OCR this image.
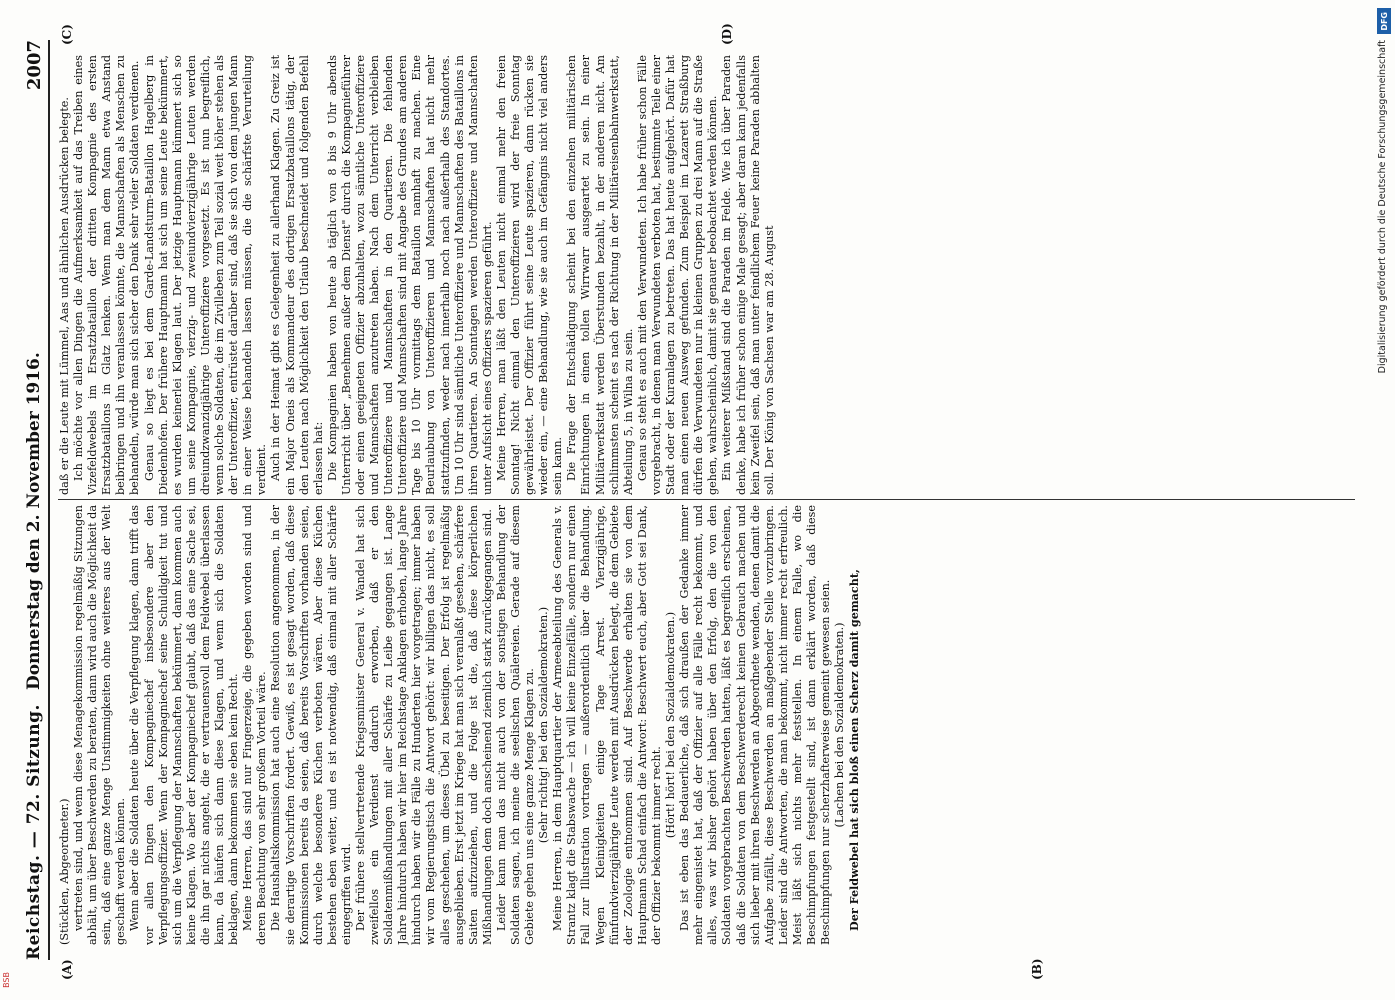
Reichstag. — 72. Sitzung.
Donnerstag den 2. November 1916.
2007
(A)	(B)
(C)	(D)

(Stücklen, Abgeordneter.) vertreten sind, und wenn diese Menagekommission regelmäßig Sitzungen abhält, um über Beschwerden zu beraten, dann wird auch die Möglichkeit da sein, daß eine ganze Menge Unstimmigkeiten ohne weiteres aus der Welt geschafft werden können. Wenn aber die Soldaten heute über die Verpflegung klagen, dann trifft das vor allen Dingen den Kompagniechef insbesondere aber den Verpflegungsoffizier. Wenn der Kompagniechef seine Schuldigkeit tut und sich um die Verpflegung der Mannschaften bekümmert, dann kommen auch keine Klagen. Wo aber der Kompagniechef glaubt, daß das eine Sache sei, die ihn gar nichts angeht, die er vertrauensvoll dem Feldwebel überlassen kann, da häufen sich dann diese Klagen, und wenn sich die Soldaten beklagen, dann bekommen sie eben kein Recht. Meine Herren, das sind nur Fingerzeige, die gegeben worden sind und deren Beachtung von sehr großem Vorteil wäre. Die Haushaltskommission hat auch eine Resolution angenommen, in der sie derartige Vorschriften fordert. Gewiß, es ist gesagt worden, daß diese Kommissionen bereits da seien, daß bereits Vorschriften vorhanden seien, durch welche besondere Küchen verboten wären. Aber diese Küchen bestehen eben weiter, und es ist notwendig, daß einmal mit aller Schärfe eingegriffen wird. Der frühere stellvertretende Kriegsminister General v. Wandel hat sich zweifellos ein Verdienst dadurch erworben, daß er den Soldatenmißhandlungen mit aller Schärfe zu Leibe gegangen ist. Lange Jahre hindurch haben wir hier im Reichstage Anklagen erhoben, lange Jahre hindurch haben wir die Fälle zu Hunderten hier vorgetragen; immer haben wir vom Regierungstisch die Antwort gehört: wir billigen das nicht, es soll alles geschehen, um dieses Übel zu beseitigen. Der Erfolg ist regelmäßig ausgeblieben. Erst jetzt im Kriege hat man sich veranlaßt gesehen, schärfere Saiten aufzuziehen, und die Folge ist die, daß diese körperlichen Mißhandlungen dem doch anscheinend ziemlich stark zurückgegangen sind. Leider kann man das nicht auch von der sonstigen Behandlung der Soldaten sagen, ich meine die seelischen Quälereien. Gerade auf diesem Gebiete gehen uns eine ganze Menge Klagen zu. (Sehr richtig! bei den Sozialdemokraten.) Meine Herren, in dem Hauptquartier der Armeeabteilung des Generals v. Strantz klagt die Stabswache — ich will keine Einzelfälle, sondern nur einen Fall zur Illustration vortragen — außerordentlich über die Behandlung. Wegen Kleinigkeiten einige Tage Arrest. Vierzigjährige, fünfundvierzigjährige Leute werden mit Ausdrücken belegt, die dem Gebiete der Zoologie entnommen sind. Auf Beschwerde erhalten sie von dem Hauptmann Schad einfach die Antwort: Beschwert euch, aber Gott sei Dank, der Offizier bekommt immer recht.

(Hört! hört! bei den Sozialdemokraten.) Das ist eben das Bedauerliche, daß sich draußen der Gedanke immer mehr eingenistet hat, daß der Offizier auf alle Fälle recht bekommt, und alles, was wir bisher gehört haben über den Erfolg, den die von den Soldaten vorgebrachten Beschwerden hatten, läßt es begreiflich erscheinen, daß die Soldaten von dem Beschwerderecht keinen Gebrauch machen und sich lieber mit ihren Beschwerden an Abgeordnete wenden, denen damit die Aufgabe zufällt, diese Beschwerden an maßgebender Stelle vorzubringen. Leider sind die Antworten, die man bekommt, nicht immer recht erfreulich. Meist läßt sich nichts mehr feststellen. In einem Falle, wo die Beschimpfungen festgestellt sind, ist dann erklärt worden, daß diese Beschimpfungen nur scherzhafterweise gemeint gewesen seien. (Lachen bei den Sozialdemokraten.) Der Feldwebel hat sich bloß einen Scherz damit gemacht,

daß er die Leute mit Lümmel, Aas und ähnlichen Ausdrücken belegte. Ich möchte vor allen Dingen die Aufmerksamkeit auf das Treiben eines Vizefeldwebels im Ersatzbataillon der dritten Kompagnie des ersten Ersatzbataillons in Glatz lenken. Wenn man dem Mann etwa Anstand beibringen und ihn veranlassen könnte, die Mannschaften als Menschen zu behandeln, würde man sich sicher den Dank sehr vieler Soldaten verdienen. Genau so liegt es bei dem Garde-Landsturm-Bataillon Hagelberg in Diedenhofen. Der frühere Hauptmann hat sich um seine Leute bekümmert, es wurden keinerlei Klagen laut. Der jetzige Hauptmann kümmert sich so um seine Kompagnie, vierzig- und zweiundvierzigjährige Leuten werden dreiundzwanzigjährige Unteroffiziere vorgesetzt. Es ist nun begreiflich, wenn solche Soldaten, die im Zivilleben zum Teil sozial weit höher stehen als der Unteroffizier, entrüstet darüber sind, daß sie sich von dem jungen Mann in einer Weise behandeln lassen müssen, die die schärfste Verurteilung verdient. Auch in der Heimat gibt es Gelegenheit zu allerhand Klagen. Zu Greiz ist ein Major Oneis als Kommandeur des dortigen Ersatzbataillons tätig, der den Leuten nach Möglichkeit den Urlaub beschneidet und folgenden Befehl erlassen hat: Die Kompagnien haben von heute ab täglich von 8 bis 9 Uhr abends Unterricht über „Benehmen außer dem Dienst" durch die Kompagnieführer oder einen geeigneten Offizier abzuhalten, wozu sämtliche Unteroffiziere und Mannschaften anzutreten haben. Nach dem Unterricht verbleiben Unteroffiziere und Mannschaften in den Quartieren. Die fehlenden Unteroffiziere und Mannschaften sind mit Angabe des Grundes am anderen Tage bis 10 Uhr vormittags dem Bataillon namhaft zu machen. Eine Beurlaubung von Unteroffizieren und Mannschaften hat nicht mehr stattzufinden, weder nach innerhalb noch nach außerhalb des Standortes. Um 10 Uhr sind sämtliche Unteroffiziere und Mannschaften des Bataillons in ihren Quartieren. An Sonntagen werden Unteroffiziere und Mannschaften unter Aufsicht eines Offiziers spazieren geführt. Meine Herren, man läßt den Leuten nicht einmal mehr den freien Sonntag! Nicht einmal den Unteroffizieren wird der freie Sonntag gewährleistet. Der Offizier führt seine Leute spazieren, dann rücken sie wieder ein, — eine Behandlung, wie sie auch im Gefängnis nicht viel anders sein kann. Die Frage der Entschädigung scheint bei den einzelnen militärischen Einrichtungen in einen tollen Wirrwarr ausgeartet zu sein. In einer Militärwerkstatt werden Überstunden bezahlt, in der anderen nicht. Am schlimmsten scheint es nach der Richtung in der Militäreisenbahnwerkstatt, Abteilung 5, in Wilna zu sein. Genau so steht es auch mit den Verwundeten. Ich habe früher schon Fälle vorgebracht, in denen man Verwundeten verboten hat, bestimmte Teile einer Stadt oder der Kuranlagen zu betreten. Das hat heute aufgehört. Dafür hat man einen neuen Ausweg gefunden. Zum Beispiel im Lazarett Straßburg dürfen die Verwundeten nur in kleinen Gruppen zu drei Mann auf die Straße gehen, wahrscheinlich, damit sie genauer beobachtet werden können. Ein weiterer Mißstand sind die Paraden im Felde. Wie ich über Paraden denke, habe ich früher schon einige Male gesagt; aber daran kann jedenfalls kein Zweifel sein, daß man unter feindlichem Feuer keine Paraden abhalten soll. Der König von Sachsen war am 28. August

DFG
Digitalisierung gefördert durch die Deutsche Forschungsgemeinschaft
BSB
